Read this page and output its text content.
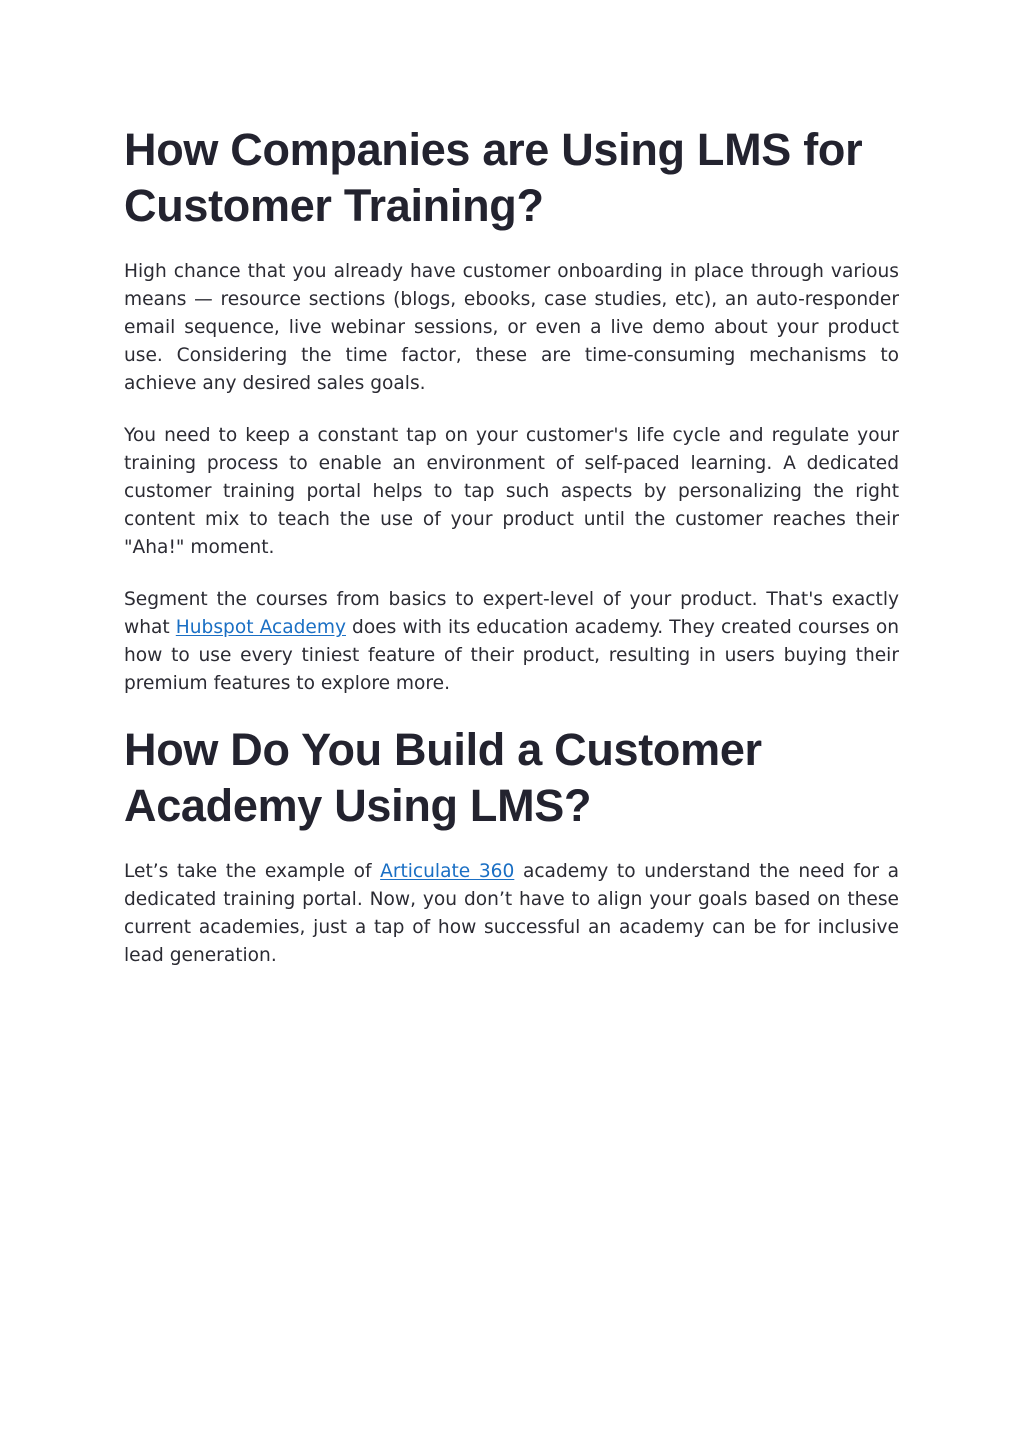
How Companies are Using LMS for Customer Training?

High chance that you already have customer onboarding in place through various means — resource sections (blogs, ebooks, case studies, etc), an auto-responder email sequence, live webinar sessions, or even a live demo about your product use. Considering the time factor, these are time-consuming mechanisms to achieve any desired sales goals.

You need to keep a constant tap on your customer's life cycle and regulate your training process to enable an environment of self-paced learning. A dedicated customer training portal helps to tap such aspects by personalizing the right content mix to teach the use of your product until the customer reaches their "Aha!" moment.

Segment the courses from basics to expert-level of your product. That's exactly what Hubspot Academy does with its education academy. They created courses on how to use every tiniest feature of their product, resulting in users buying their premium features to explore more.

How Do You Build a Customer Academy Using LMS?

Let’s take the example of Articulate 360 academy to understand the need for a dedicated training portal. Now, you don’t have to align your goals based on these current academies, just a tap of how successful an academy can be for inclusive lead generation.
